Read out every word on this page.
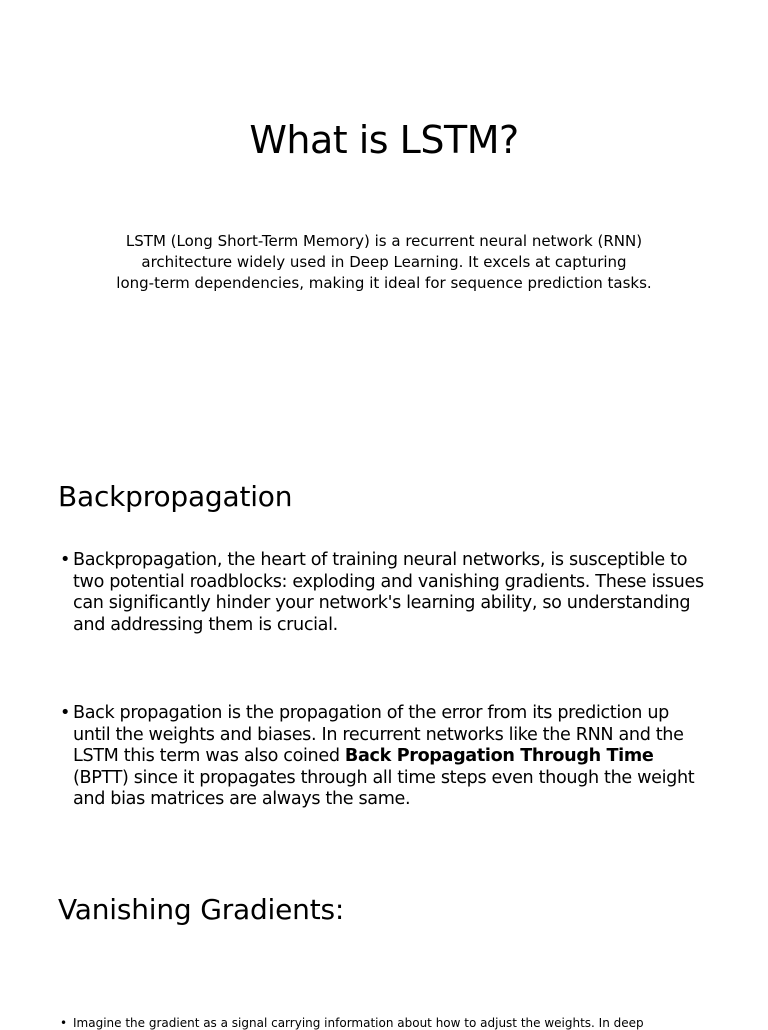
What is LSTM?

LSTM (Long Short-Term Memory) is a recurrent neural network (RNN)
architecture widely used in Deep Learning. It excels at capturing
long-term dependencies, making it ideal for sequence prediction tasks.

Backpropagation
• Backpropagation, the heart of training neural networks, is susceptible to two potential roadblocks: exploding and vanishing gradients. These issues can significantly hinder your network's learning ability, so understanding and addressing them is crucial.
• Back propagation is the propagation of the error from its prediction up until the weights and biases. In recurrent networks like the RNN and the LSTM this term was also coined Back Propagation Through Time (BPTT) since it propagates through all time steps even though the weight and bias matrices are always the same.
Vanishing Gradients:
• Imagine the gradient as a signal carrying information about how to adjust the weights. In deep
